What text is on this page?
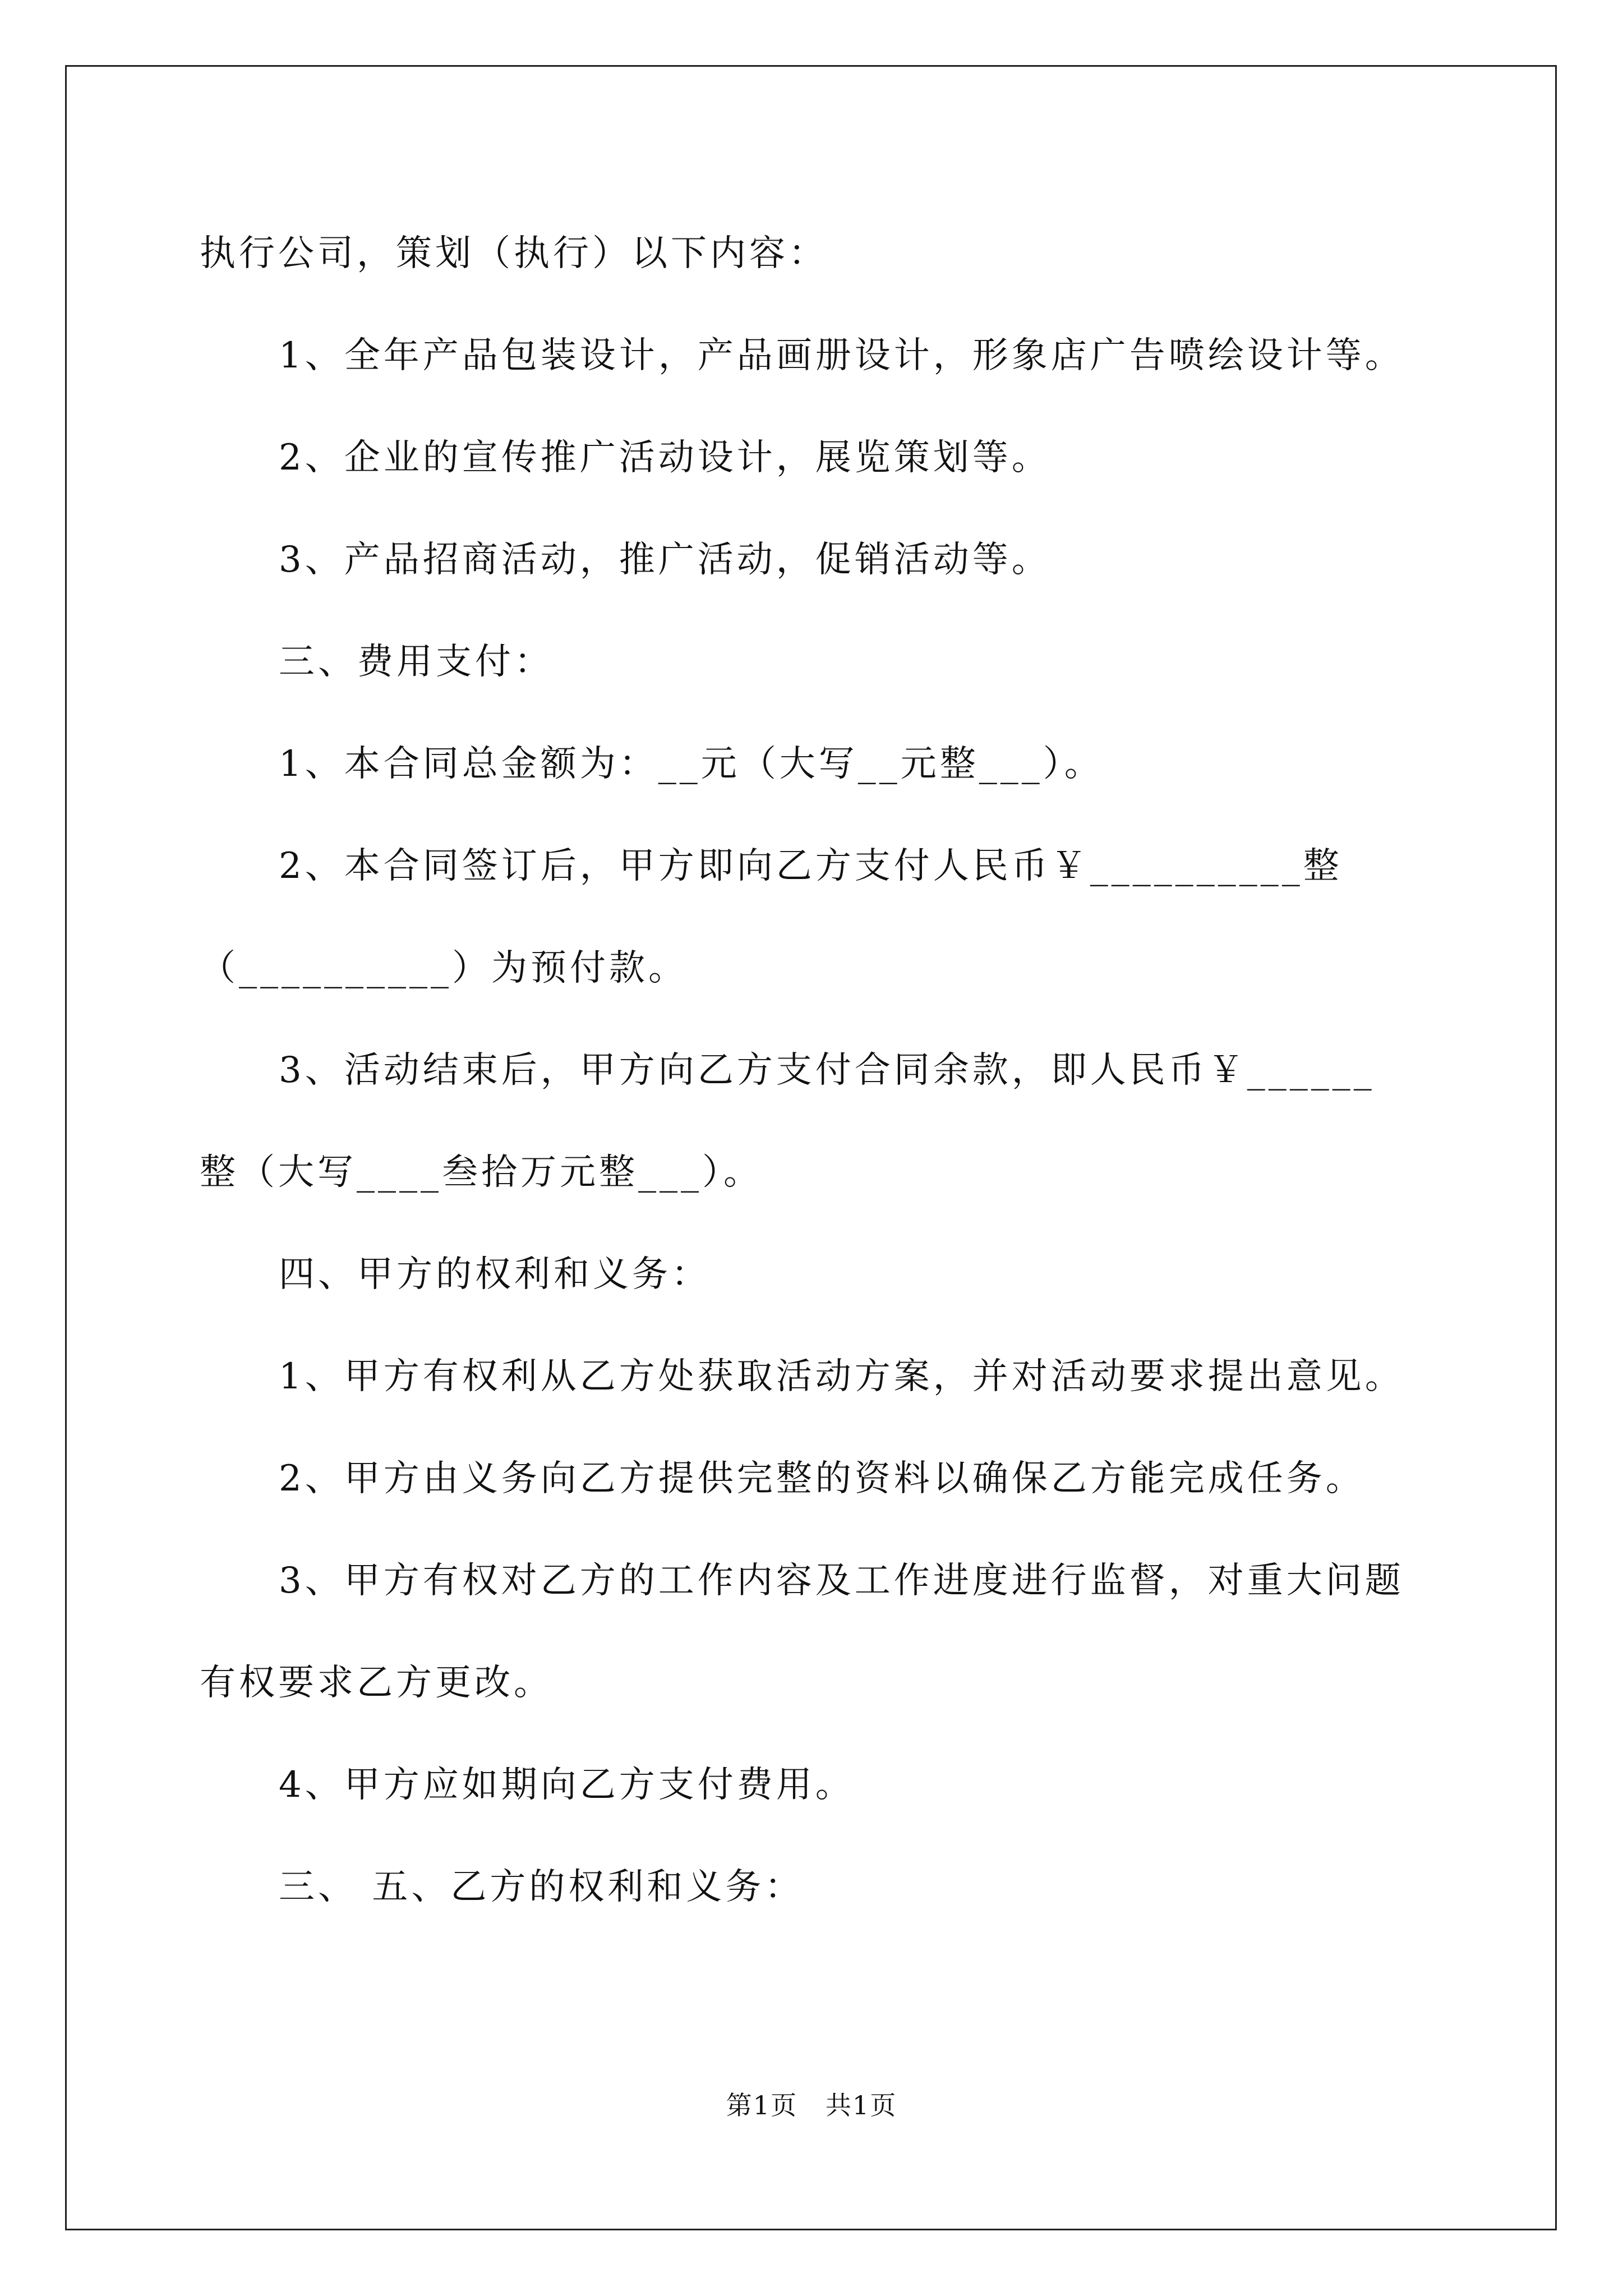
执行公司，策划（执行）以下内容：
1、全年产品包装设计，产品画册设计，形象店广告喷绘设计等。
2、企业的宣传推广活动设计，展览策划等。
3、产品招商活动，推广活动，促销活动等。
三、费用支付：
1、本合同总金额为：__元（大写__元整___）。
2、本合同签订后，甲方即向乙方支付人民币￥__________整
（__________）为预付款。
3、活动结束后，甲方向乙方支付合同余款，即人民币￥______
整（大写____叁拾万元整___）。
四、甲方的权利和义务：
1、甲方有权利从乙方处获取活动方案，并对活动要求提出意见。
2、甲方由义务向乙方提供完整的资料以确保乙方能完成任务。
3、甲方有权对乙方的工作内容及工作进度进行监督，对重大问题
有权要求乙方更改。
4、甲方应如期向乙方支付费用。
三、 五、乙方的权利和义务：
第1页   共1页
